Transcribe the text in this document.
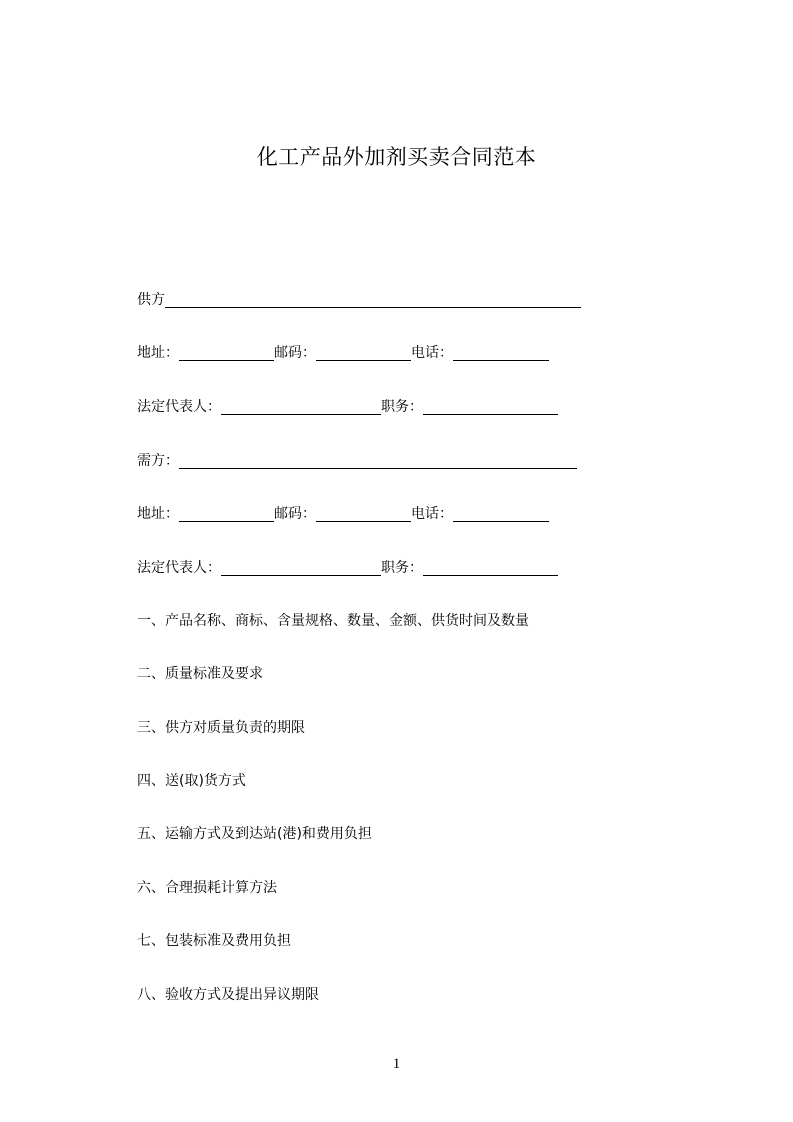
化工产品外加剂买卖合同范本
供方
地址：	邮码：	电话：
法定代表人：	职务：
需方：
地址：	邮码：	电话：
法定代表人：	职务：
一、产品名称、商标、含量规格、数量、金额、供货时间及数量
二、质量标准及要求
三、供方对质量负责的期限
四、送(取)货方式
五、运输方式及到达站(港)和费用负担
六、合理损耗计算方法
七、包装标准及费用负担
八、验收方式及提出异议期限
1
